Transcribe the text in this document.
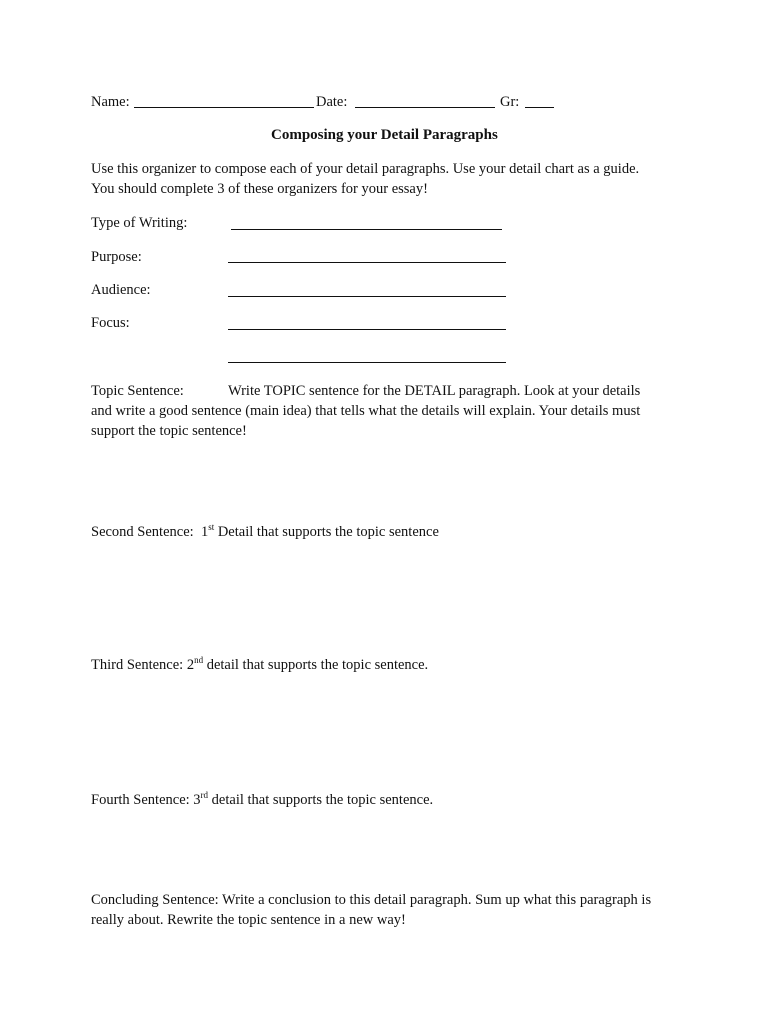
Name:	Date:	Gr:
Composing your Detail Paragraphs
Use this organizer to compose each of your detail paragraphs. Use your detail chart as a guide.
You should complete 3 of these organizers for your essay!
Type of Writing:
Purpose:
Audience:
Focus:
Topic Sentence:	Write TOPIC sentence for the DETAIL paragraph. Look at your details
and write a good sentence (main idea) that tells what the details will explain. Your details must
support the topic sentence!
Second Sentence: 1st Detail that supports the topic sentence
Third Sentence: 2nd detail that supports the topic sentence.
Fourth Sentence: 3rd detail that supports the topic sentence.
Concluding Sentence: Write a conclusion to this detail paragraph. Sum up what this paragraph is
really about. Rewrite the topic sentence in a new way!
